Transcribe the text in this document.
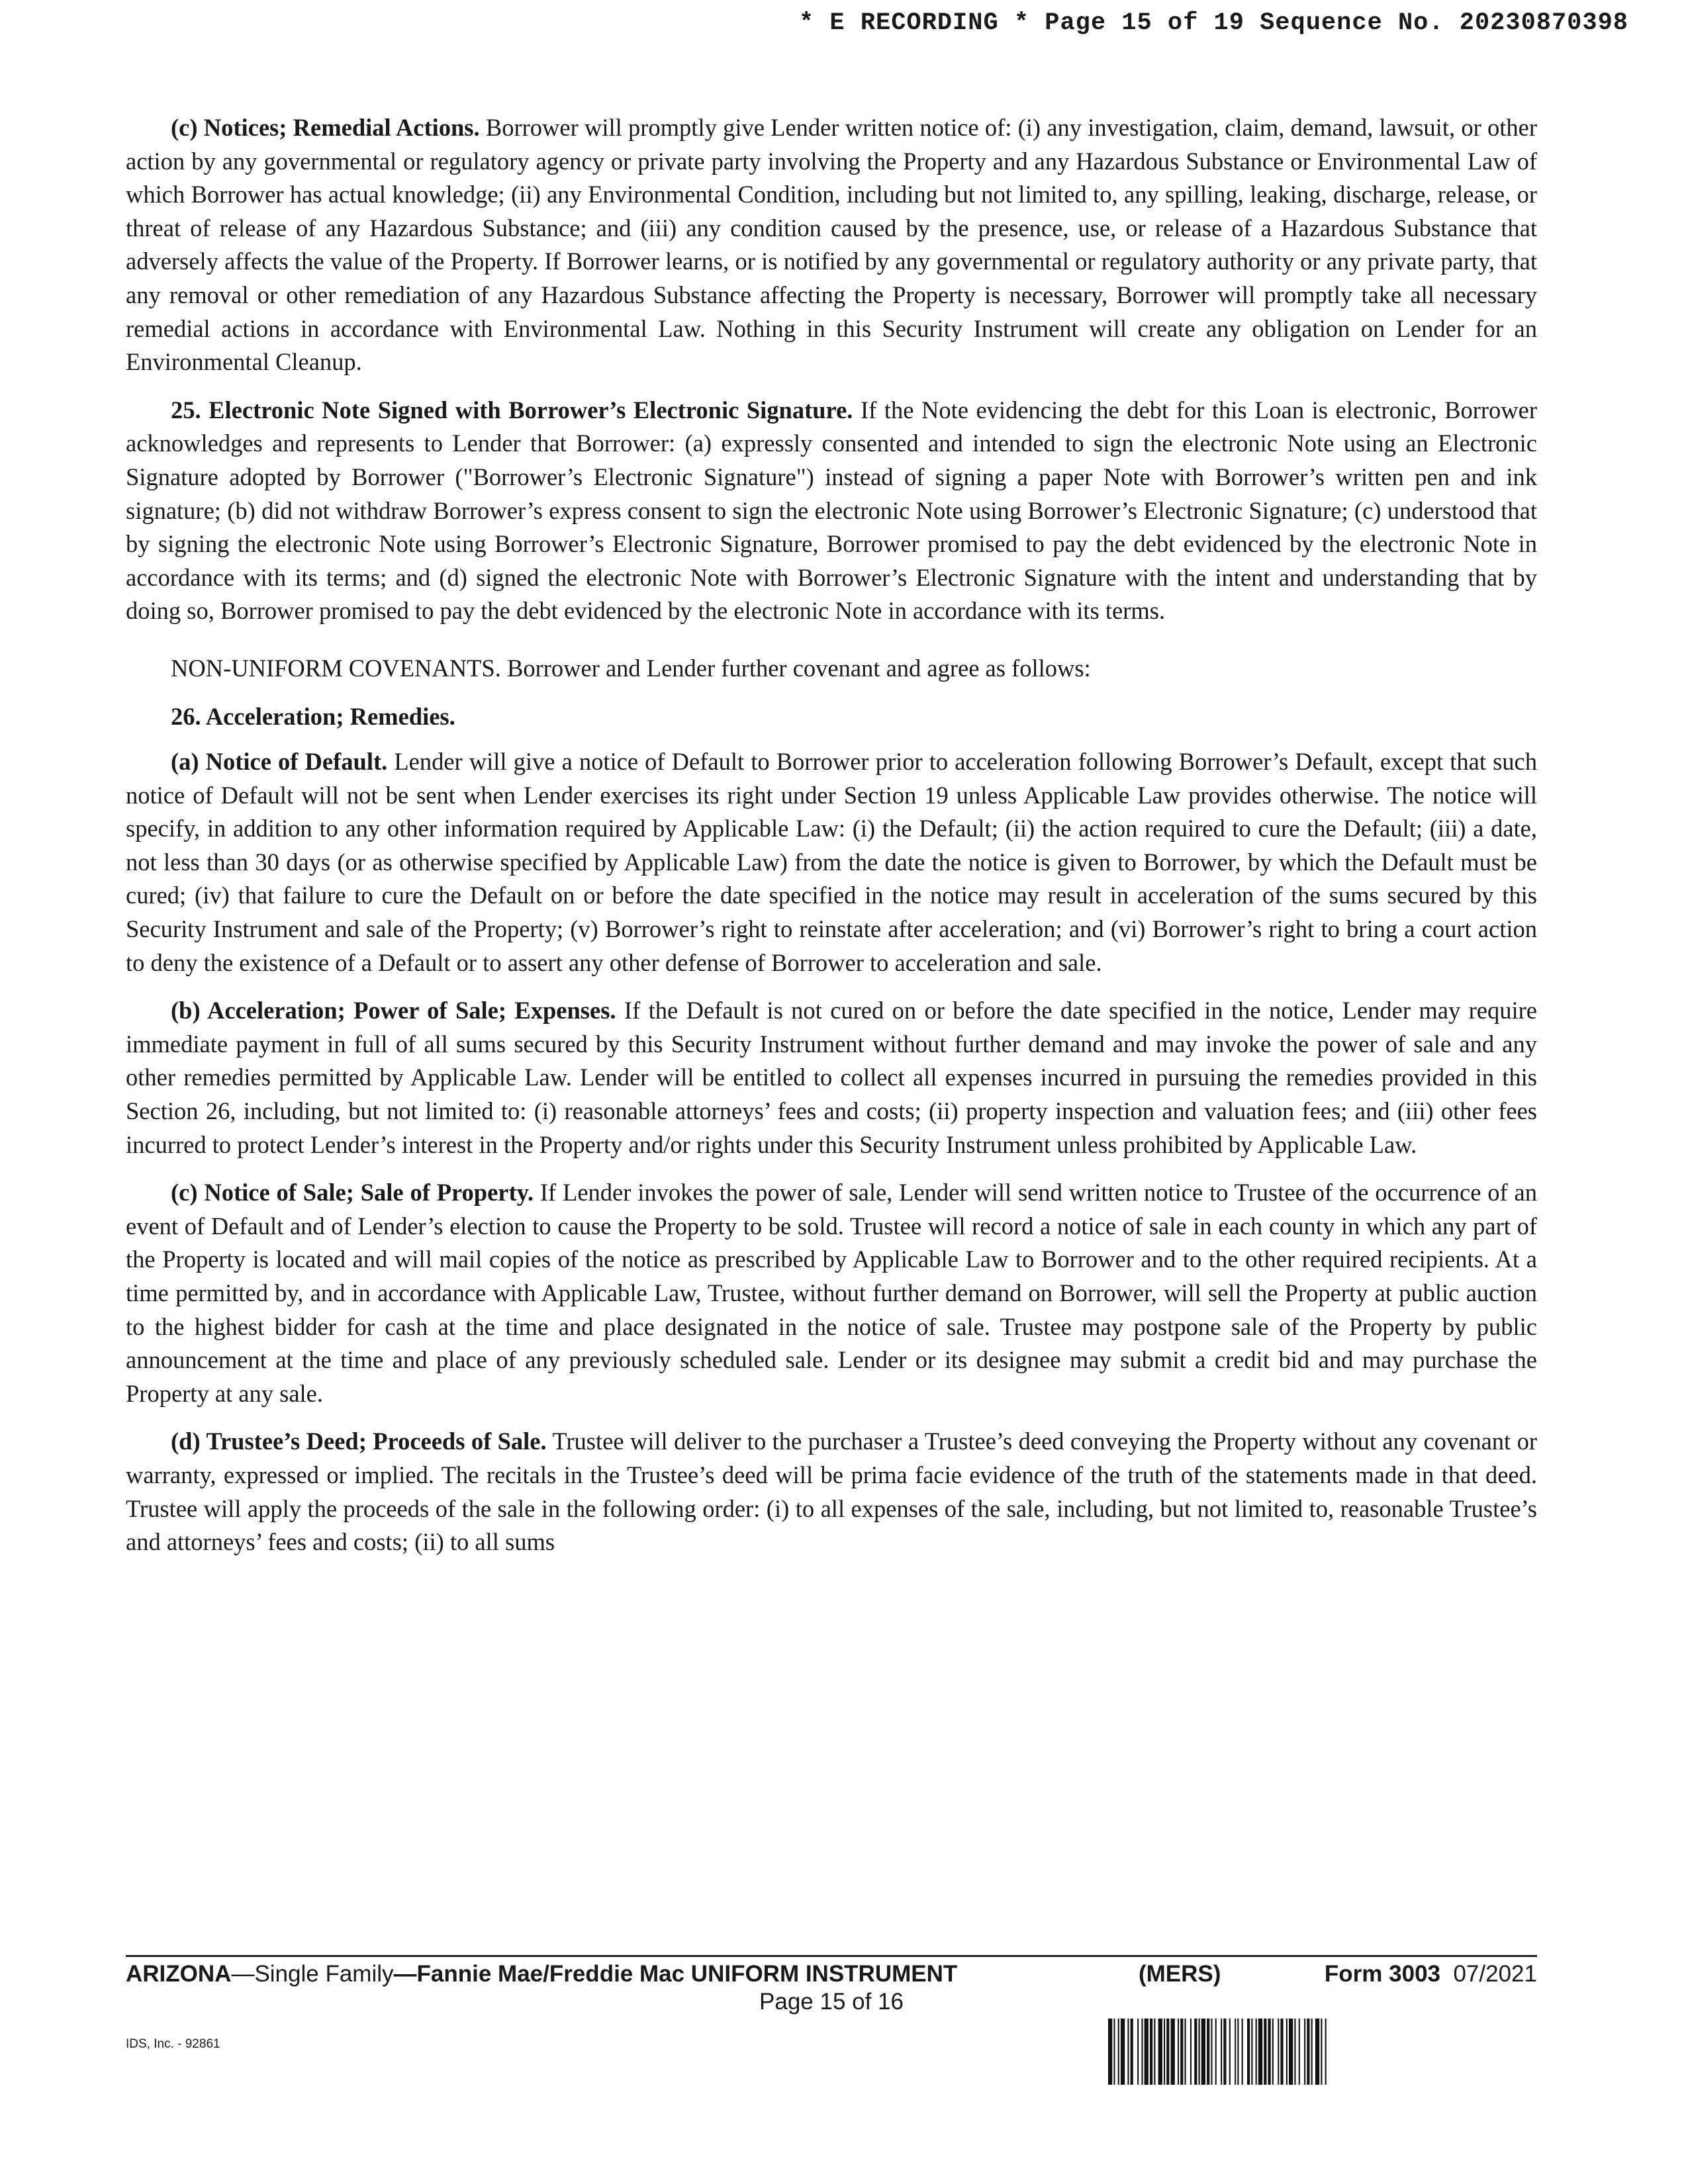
* E RECORDING * Page 15 of 19 Sequence No. 20230870398

(c) Notices; Remedial Actions. Borrower will promptly give Lender written notice of: (i) any investigation, claim, demand, lawsuit, or other action by any governmental or regulatory agency or private party involving the Property and any Hazardous Substance or Environmental Law of which Borrower has actual knowledge; (ii) any Environmental Condition, including but not limited to, any spilling, leaking, discharge, release, or threat of release of any Hazardous Substance; and (iii) any condition caused by the presence, use, or release of a Hazardous Substance that adversely affects the value of the Property. If Borrower learns, or is notified by any governmental or regulatory authority or any private party, that any removal or other remediation of any Hazardous Substance affecting the Property is necessary, Borrower will promptly take all necessary remedial actions in accordance with Environmental Law. Nothing in this Security Instrument will create any obligation on Lender for an Environmental Cleanup.

25. Electronic Note Signed with Borrower’s Electronic Signature. If the Note evidencing the debt for this Loan is electronic, Borrower acknowledges and represents to Lender that Borrower: (a) expressly consented and intended to sign the electronic Note using an Electronic Signature adopted by Borrower ("Borrower’s Electronic Signature") instead of signing a paper Note with Borrower’s written pen and ink signature; (b) did not withdraw Borrower’s express consent to sign the electronic Note using Borrower’s Electronic Signature; (c) understood that by signing the electronic Note using Borrower’s Electronic Signature, Borrower promised to pay the debt evidenced by the electronic Note in accordance with its terms; and (d) signed the electronic Note with Borrower’s Electronic Signature with the intent and understanding that by doing so, Borrower promised to pay the debt evidenced by the electronic Note in accordance with its terms.

NON-UNIFORM COVENANTS. Borrower and Lender further covenant and agree as follows:

26. Acceleration; Remedies.

(a) Notice of Default. Lender will give a notice of Default to Borrower prior to acceleration following Borrower’s Default, except that such notice of Default will not be sent when Lender exercises its right under Section 19 unless Applicable Law provides otherwise. The notice will specify, in addition to any other information required by Applicable Law: (i) the Default; (ii) the action required to cure the Default; (iii) a date, not less than 30 days (or as otherwise specified by Applicable Law) from the date the notice is given to Borrower, by which the Default must be cured; (iv) that failure to cure the Default on or before the date specified in the notice may result in acceleration of the sums secured by this Security Instrument and sale of the Property; (v) Borrower’s right to reinstate after acceleration; and (vi) Borrower’s right to bring a court action to deny the existence of a Default or to assert any other defense of Borrower to acceleration and sale.

(b) Acceleration; Power of Sale; Expenses. If the Default is not cured on or before the date specified in the notice, Lender may require immediate payment in full of all sums secured by this Security Instrument without further demand and may invoke the power of sale and any other remedies permitted by Applicable Law. Lender will be entitled to collect all expenses incurred in pursuing the remedies provided in this Section 26, including, but not limited to: (i) reasonable attorneys’ fees and costs; (ii) property inspection and valuation fees; and (iii) other fees incurred to protect Lender’s interest in the Property and/or rights under this Security Instrument unless prohibited by Applicable Law.

(c) Notice of Sale; Sale of Property. If Lender invokes the power of sale, Lender will send written notice to Trustee of the occurrence of an event of Default and of Lender’s election to cause the Property to be sold. Trustee will record a notice of sale in each county in which any part of the Property is located and will mail copies of the notice as prescribed by Applicable Law to Borrower and to the other required recipients. At a time permitted by, and in accordance with Applicable Law, Trustee, without further demand on Borrower, will sell the Property at public auction to the highest bidder for cash at the time and place designated in the notice of sale. Trustee may postpone sale of the Property by public announcement at the time and place of any previously scheduled sale. Lender or its designee may submit a credit bid and may purchase the Property at any sale.

(d) Trustee’s Deed; Proceeds of Sale. Trustee will deliver to the purchaser a Trustee’s deed conveying the Property without any covenant or warranty, expressed or implied. The recitals in the Trustee’s deed will be prima facie evidence of the truth of the statements made in that deed. Trustee will apply the proceeds of the sale in the following order: (i) to all expenses of the sale, including, but not limited to, reasonable Trustee’s and attorneys’ fees and costs; (ii) to all sums

ARIZONA—Single Family—Fannie Mae/Freddie Mac UNIFORM INSTRUMENT	(MERS)	Form 3003 07/2021
Page 15 of 16
IDS, Inc. - 92861
